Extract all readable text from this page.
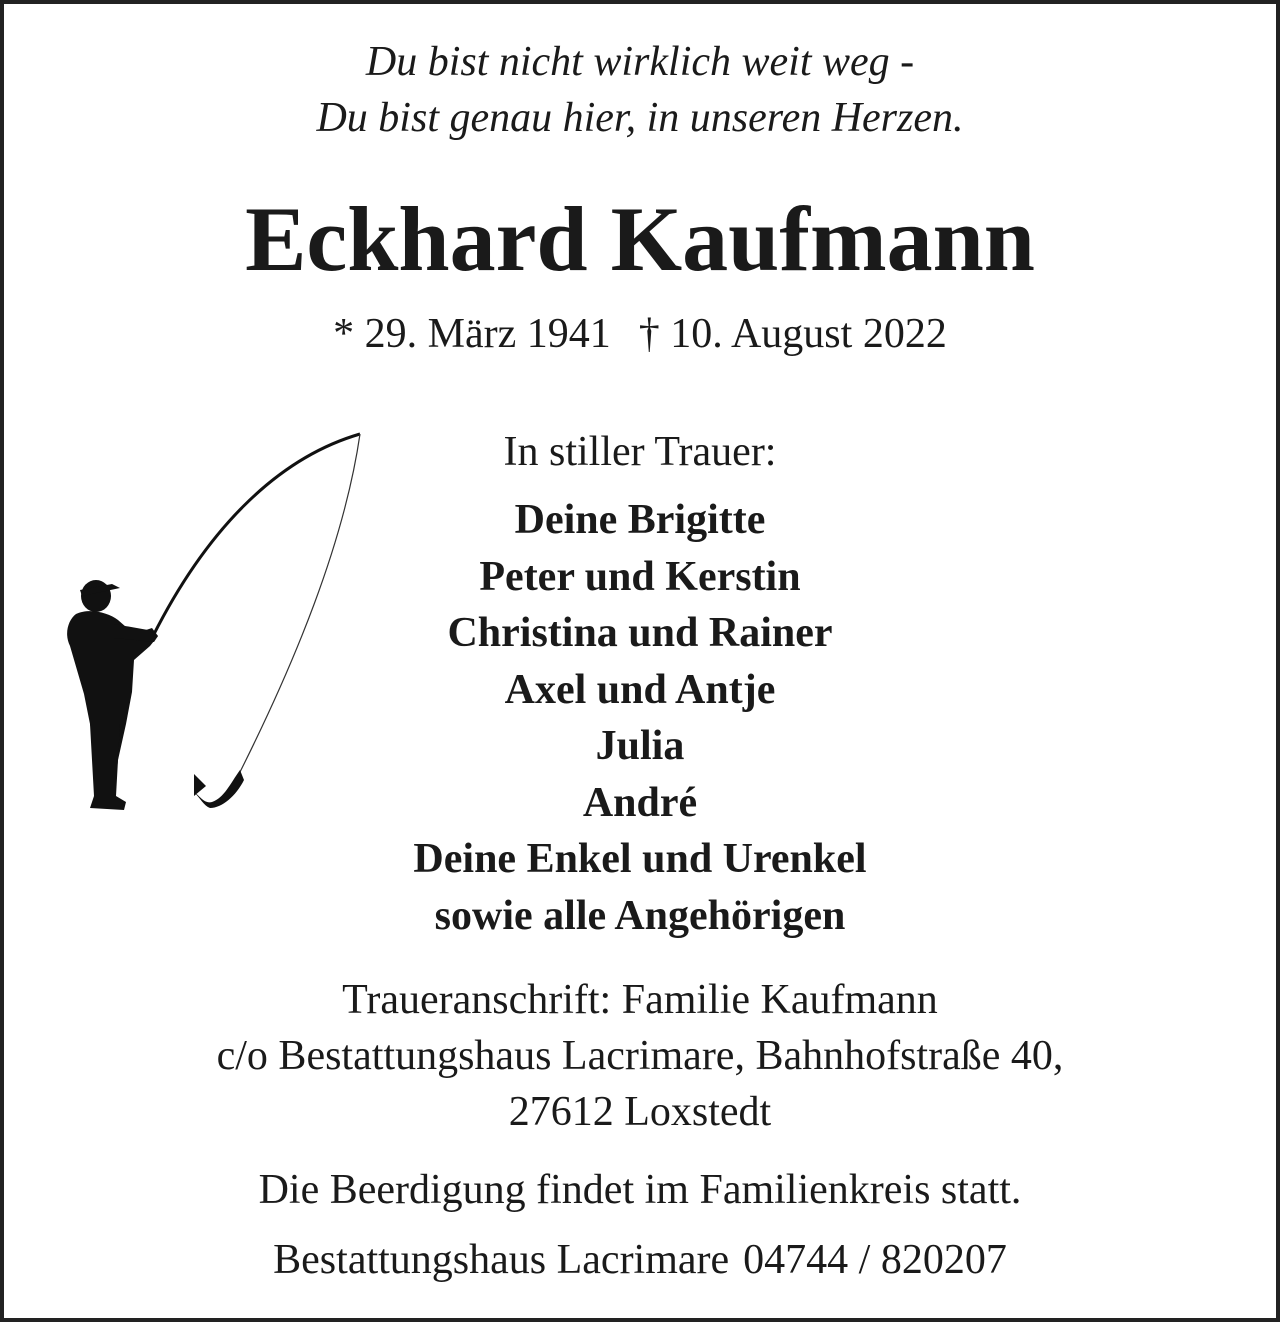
Du bist nicht wirklich weit weg -
Du bist genau hier, in unseren Herzen.
Eckhard Kaufmann
* 29. März 1941 † 10. August 2022
In stiller Trauer:
Deine Brigitte
Peter und Kerstin
Christina und Rainer
Axel und Antje
Julia
André
Deine Enkel und Urenkel
sowie alle Angehörigen
Traueranschrift: Familie Kaufmann
c/o Bestattungshaus Lacrimare, Bahnhofstraße 40,
27612 Loxstedt
Die Beerdigung findet im Familienkreis statt.
Bestattungshaus Lacrimare 04744 / 820207
